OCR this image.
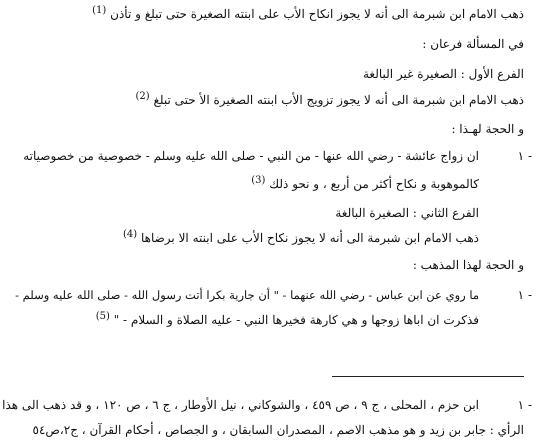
ذهب الامام ابن شبرمة الى أنه لا يجوز انكاح الأب على ابنته الصغيرة حتى تبلغ و تأذن $^{(1)}$
في المسألة فرعان :
الفرع الأول : الصغيرة غير البالغة
ذهب الامام ابن شبرمة الى أنه لا يجوز تزويج الأب ابنته الصغيرة الأ حتى تبلغ $^{(2)}$
و الحجة لهـذا :
١ -
ان زواج عائشة - رضي الله عنها - من النبي - صلى الله عليه وسلم - خصوصية من خصوصياته
كالموهوبة و نكاح أكثر من أربع ، و نحو ذلك $^{(3)}$
الفرع الثاني : الصغيرة البالغة
ذهب الامام ابن شبرمة الى أنه لا يجوز نكاح الأب على ابنته الا برضاها $^{(4)}$
و الحجة لهذا المذهب :
١ -
ما روي عن ابن عباس - رضي الله عنهما - " أن جارية بكرا أتت رسول الله - صلى الله عليه وسلم -
فذكرت ان اباها زوجها و هي كارهة فخيرها النبي - عليه الصلاة و السلام - " $^{(5)}$
١ -
ابن حزم ، المحلى ، ج ٩ ، ص ٤٥٩ ، والشوكاني ، نيل الأوطار ، ج ٦ ، ص ١٢٠ ، و قد ذهب الى هذا
الرأي : جابر بن زيد و هو مذهب الاصم ، المصدران السابقان ، و الجصاص ، أحكام القرآن ، ج٢،ص٥٤
